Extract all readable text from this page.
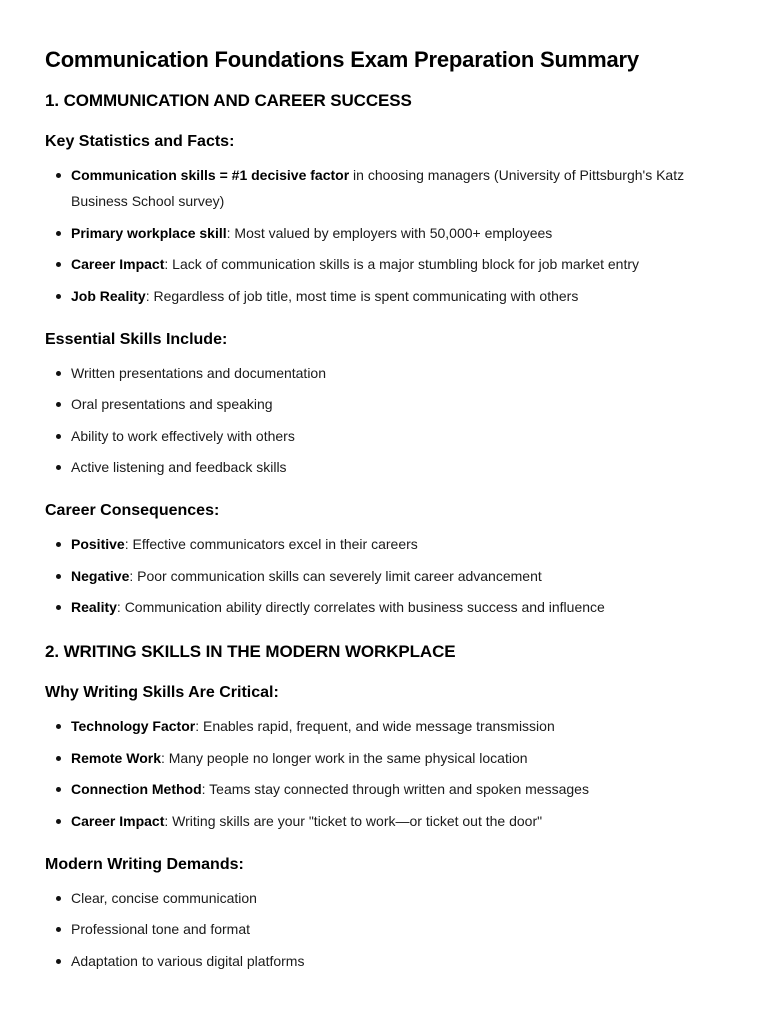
Communication Foundations Exam Preparation Summary
1. COMMUNICATION AND CAREER SUCCESS
Key Statistics and Facts:
Communication skills = #1 decisive factor in choosing managers (University of Pittsburgh's Katz Business School survey)
Primary workplace skill: Most valued by employers with 50,000+ employees
Career Impact: Lack of communication skills is a major stumbling block for job market entry
Job Reality: Regardless of job title, most time is spent communicating with others
Essential Skills Include:
Written presentations and documentation
Oral presentations and speaking
Ability to work effectively with others
Active listening and feedback skills
Career Consequences:
Positive: Effective communicators excel in their careers
Negative: Poor communication skills can severely limit career advancement
Reality: Communication ability directly correlates with business success and influence
2. WRITING SKILLS IN THE MODERN WORKPLACE
Why Writing Skills Are Critical:
Technology Factor: Enables rapid, frequent, and wide message transmission
Remote Work: Many people no longer work in the same physical location
Connection Method: Teams stay connected through written and spoken messages
Career Impact: Writing skills are your "ticket to work—or ticket out the door"
Modern Writing Demands:
Clear, concise communication
Professional tone and format
Adaptation to various digital platforms
